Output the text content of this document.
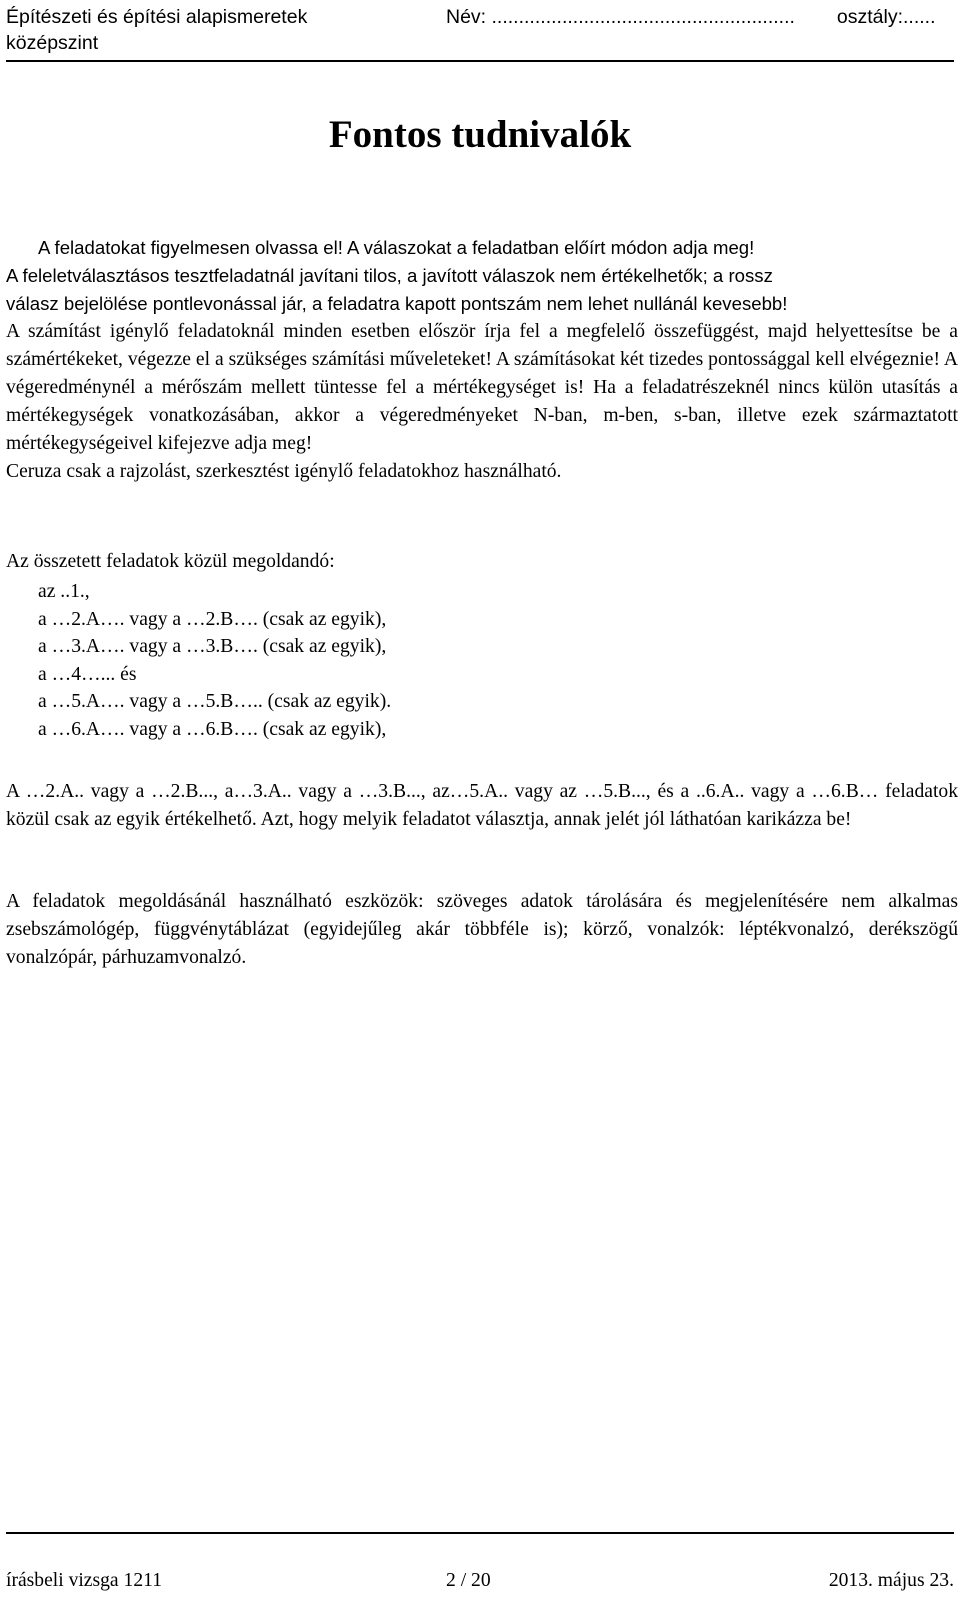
Építészeti és építési alapismeretek
középszint
Név: ........................................................ osztály:......
Fontos tudnivalók
A feladatokat figyelmesen olvassa el! A válaszokat a feladatban előírt módon adja meg!
A feleletválasztásos tesztfeladatnál javítani tilos, a javított válaszok nem értékelhetők; a rossz
válasz bejelölése pontlevonással jár, a feladatra kapott pontszám nem lehet nullánál kevesebb!
A számítást igénylő feladatoknál minden esetben először írja fel a megfelelő összefüggést, majd helyettesítse be a számértékeket, végezze el a szükséges számítási műveleteket! A számításokat két tizedes pontossággal kell elvégeznie! A végeredménynél a mérőszám mellett tüntesse fel a mértékegységet is! Ha a feladatrészeknél nincs külön utasítás a mértékegységek vonatkozásában, akkor a végeredményeket N-ban, m-ben, s-ban, illetve ezek származtatott mértékegységeivel kifejezve adja meg!
Ceruza csak a rajzolást, szerkesztést igénylő feladatokhoz használható.
Az összetett feladatok közül megoldandó:
az ..1.,
a …2.A…. vagy a …2.B…. (csak az egyik),
a …3.A…. vagy a …3.B…. (csak az egyik),
a …4…... és
a …5.A…. vagy a …5.B….. (csak az egyik).
a …6.A…. vagy a …6.B…. (csak az egyik),
A …2.A.. vagy a …2.B..., a…3.A.. vagy a …3.B..., az…5.A.. vagy az …5.B..., és a ..6.A.. vagy a …6.B… feladatok közül csak az egyik értékelhető. Azt, hogy melyik feladatot választja, annak jelét jól láthatóan karikázza be!
A feladatok megoldásánál használható eszközök: szöveges adatok tárolására és megjelenítésére nem alkalmas zsebszámológép, függvénytáblázat (egyidejűleg akár többféle is); körző, vonalzók: léptékvonalzó, derékszögű vonalzópár, párhuzamvonalzó.
írásbeli vizsga 1211	2 / 20	2013. május 23.
